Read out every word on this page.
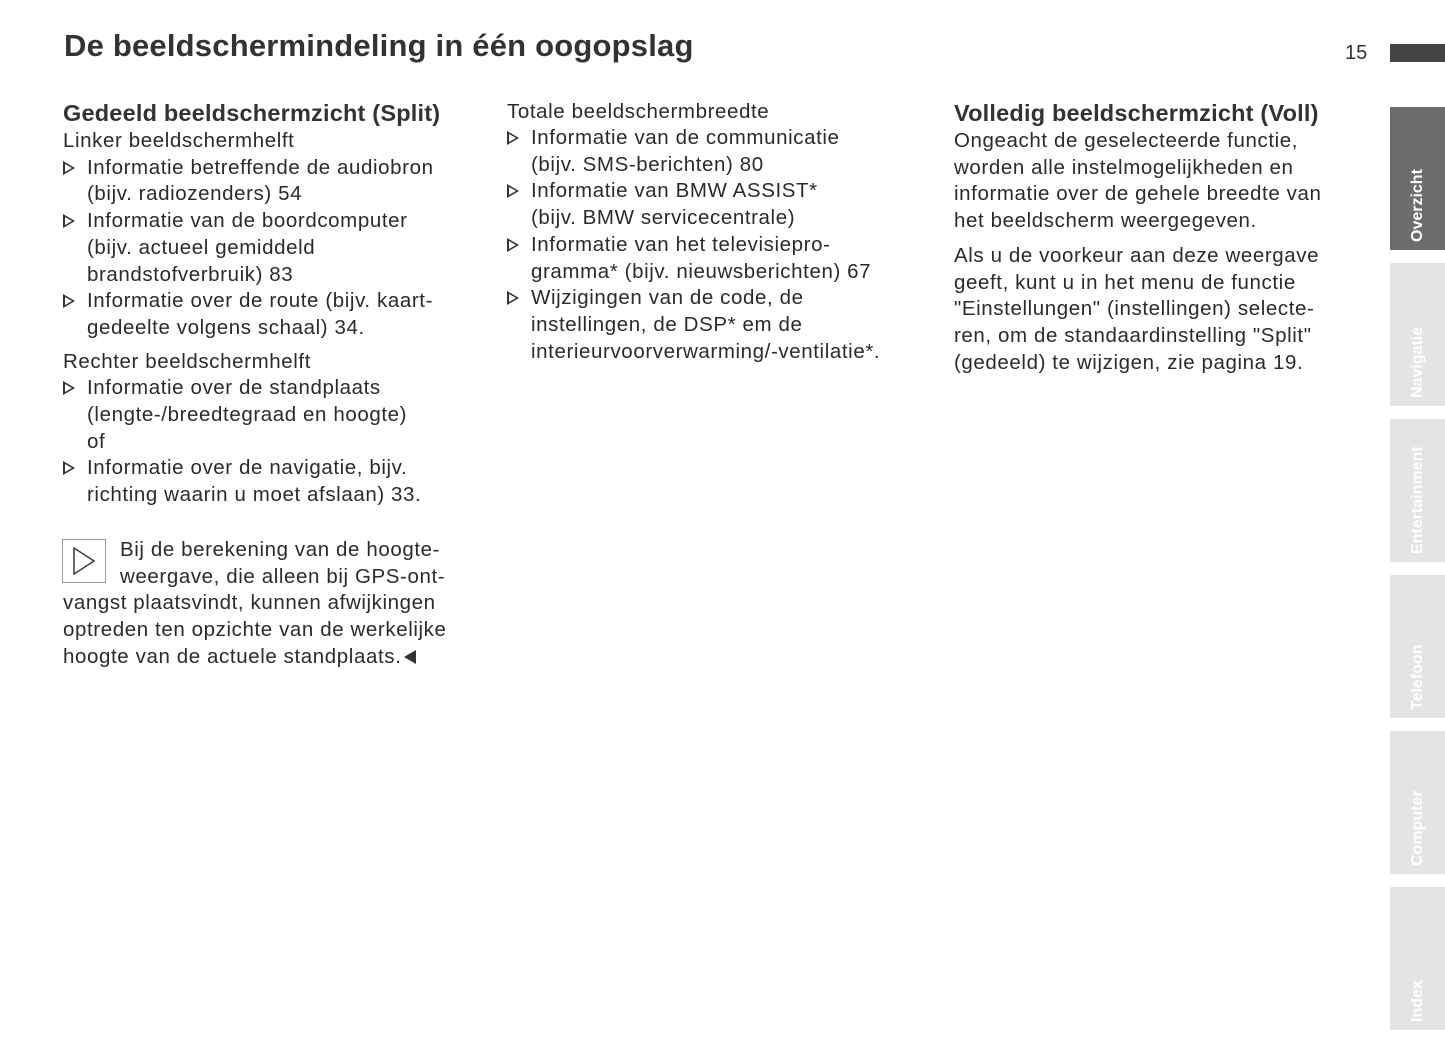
De beeldschermindeling in één oogopslag	15
Gedeeld beeldschermzicht (Split)
Linker beeldschermhelft
Informatie betreffende de audiobron
(bijv. radiozenders) 54
Informatie van de boordcomputer
(bijv. actueel gemiddeld
brandstofverbruik) 83
Informatie over de route (bijv. kaart-
gedeelte volgens schaal) 34.
Rechter beeldschermhelft
Informatie over de standplaats
(lengte-/breedtegraad en hoogte)
of
Informatie over de navigatie, bijv.
richting waarin u moet afslaan) 33.
Bij de berekening van de hoogte-
weergave, die alleen bij GPS-ont-
vangst plaatsvindt, kunnen afwijkingen
optreden ten opzichte van de werkelijke
hoogte van de actuele standplaats.
Totale beeldschermbreedte
Informatie van de communicatie
(bijv. SMS-berichten) 80
Informatie van BMW ASSIST*
(bijv. BMW servicecentrale)
Informatie van het televisiepro-
gramma* (bijv. nieuwsberichten) 67
Wijzigingen van de code, de
instellingen, de DSP* em de
interieurvoorverwarming/-ventilatie*.
Volledig beeldschermzicht (Voll)
Ongeacht de geselecteerde functie,
worden alle instelmogelijkheden en
informatie over de gehele breedte van
het beeldscherm weergegeven.
Als u de voorkeur aan deze weergave
geeft, kunt u in het menu de functie
"Einstellungen" (instellingen) selecte-
ren, om de standaardinstelling "Split"
(gedeeld) te wijzigen, zie pagina 19.
Overzicht
Navigatie
Entertainment
Telefoon
Computer
Index
